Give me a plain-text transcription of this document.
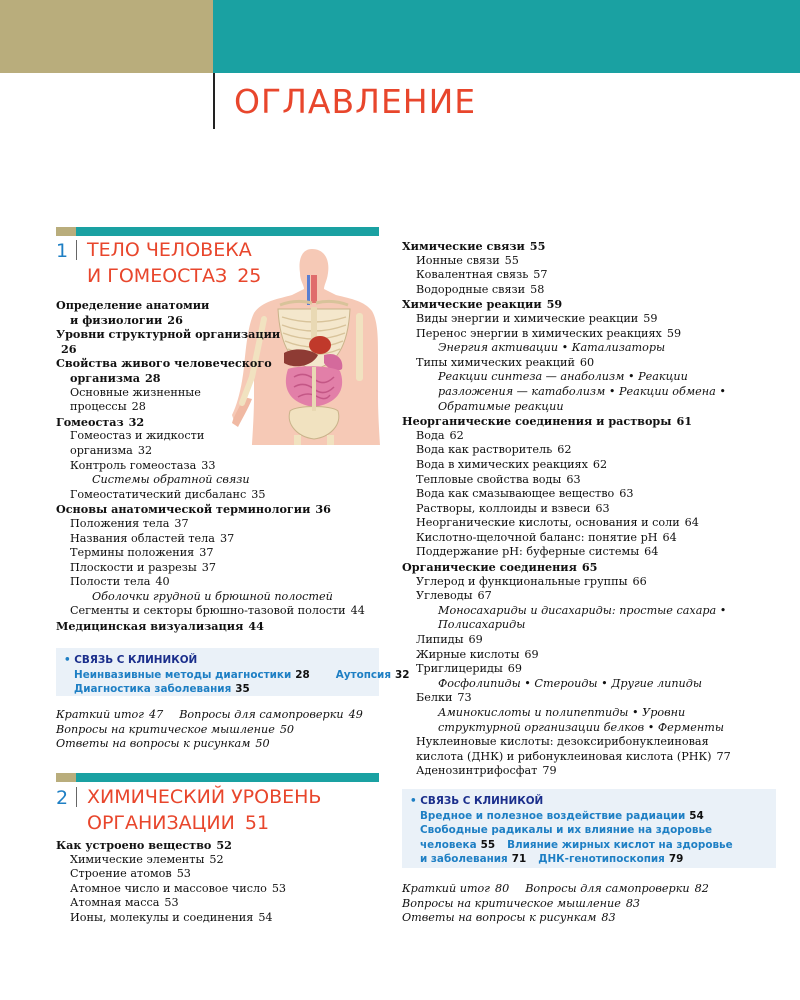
ОГЛАВЛЕНИЕ
1 ТЕЛО ЧЕЛОВЕКА
И ГОМЕОСТАЗ 25
Определение анатомии
и физиологии 26
Уровни структурной организации
26
Свойства живого человеческого
организма 28
Основные жизненные
процессы 28
Гомеостаз 32
Гомеостаз и жидкости
организма 32
Контроль гомеостаза 33
Системы обратной связи
Гомеостатический дисбаланс 35
Основы анатомической терминологии 36
Положения тела 37
Названия областей тела 37
Термины положения 37
Плоскости и разрезы 37
Полости тела 40
Оболочки грудной и брюшной полостей
Сегменты и секторы брюшно-тазовой полости 44
Медицинская визуализация 44
• СВЯЗЬ С КЛИНИКОЙ
Неинвазивные методы диагностики 28	Аутопсия 32
Диагностика заболевания 35
Краткий итог 47 Вопросы для самопроверки 49
Вопросы на критическое мышление 50
Ответы на вопросы к рисункам 50
2 ХИМИЧЕСКИЙ УРОВЕНЬ
ОРГАНИЗАЦИИ 51
Как устроено вещество 52
Химические элементы 52
Строение атомов 53
Атомное число и массовое число 53
Атомная масса 53
Ионы, молекулы и соединения 54
Химические связи 55
Ионные связи 55
Ковалентная связь 57
Водородные связи 58
Химические реакции 59
Виды энергии и химические реакции 59
Перенос энергии в химических реакциях 59
Энергия активации • Катализаторы
Типы химических реакций 60
Реакции синтеза — анаболизм • Реакции
разложения — катаболизм • Реакции обмена •
Обратимые реакции
Неорганические соединения и растворы 61
Вода 62
Вода как растворитель 62
Вода в химических реакциях 62
Тепловые свойства воды 63
Вода как смазывающее вещество 63
Растворы, коллоиды и взвеси 63
Неорганические кислоты, основания и соли 64
Кислотно-щелочной баланс: понятие pH 64
Поддержание pH: буферные системы 64
Органические соединения 65
Углерод и функциональные группы 66
Углеводы 67
Моносахариды и дисахариды: простые сахара •
Полисахариды
Липиды 69
Жирные кислоты 69
Триглицериды 69
Фосфолипиды • Стероиды • Другие липиды
Белки 73
Аминокислоты и полипептиды • Уровни
структурной организации белков • Ферменты
Нуклеиновые кислоты: дезоксирибонуклеиновая
кислота (ДНК) и рибонуклеиновая кислота (РНК) 77
Аденозинтрифосфат 79
• СВЯЗЬ С КЛИНИКОЙ
Вредное и полезное воздействие радиации 54
Свободные радикалы и их влияние на здоровье
человека 55 Влияние жирных кислот на здоровье
и заболевания 71 ДНК-генотипоскопия 79
Краткий итог 80 Вопросы для самопроверки 82
Вопросы на критическое мышление 83
Ответы на вопросы к рисункам 83
